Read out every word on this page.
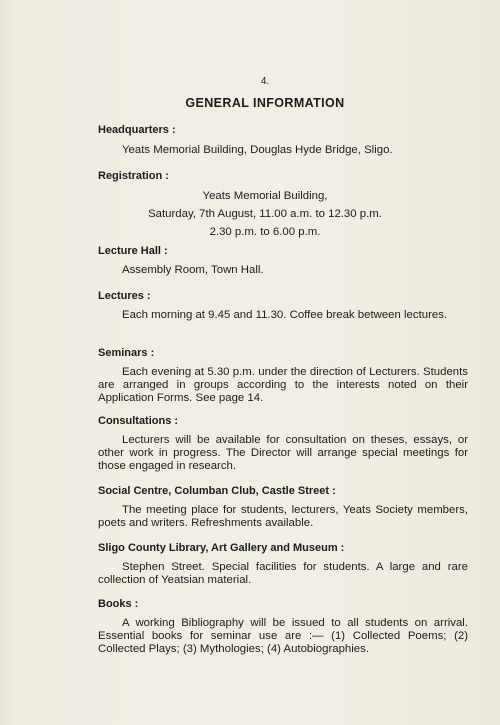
4.
GENERAL INFORMATION
Headquarters :
Yeats Memorial Building, Douglas Hyde Bridge, Sligo.
Registration :
Yeats Memorial Building,
Saturday, 7th August, 11.00 a.m. to 12.30 p.m.
2.30 p.m. to 6.00 p.m.
Lecture Hall :
Assembly Room, Town Hall.
Lectures :
Each morning at 9.45 and 11.30. Coffee break between lectures.
Seminars :
Each evening at 5.30 p.m. under the direction of Lecturers. Students are arranged in groups according to the interests noted on their Application Forms. See page 14.
Consultations :
Lecturers will be available for consultation on theses, essays, or other work in progress. The Director will arrange special meetings for those engaged in research.
Social Centre, Columban Club, Castle Street :
The meeting place for students, lecturers, Yeats Society members, poets and writers. Refreshments available.
Sligo County Library, Art Gallery and Museum :
Stephen Street. Special facilities for students. A large and rare collection of Yeatsian material.
Books :
A working Bibliography will be issued to all students on arrival. Essential books for seminar use are :— (1) Collected Poems; (2) Collected Plays; (3) Mythologies; (4) Autobiographies.
